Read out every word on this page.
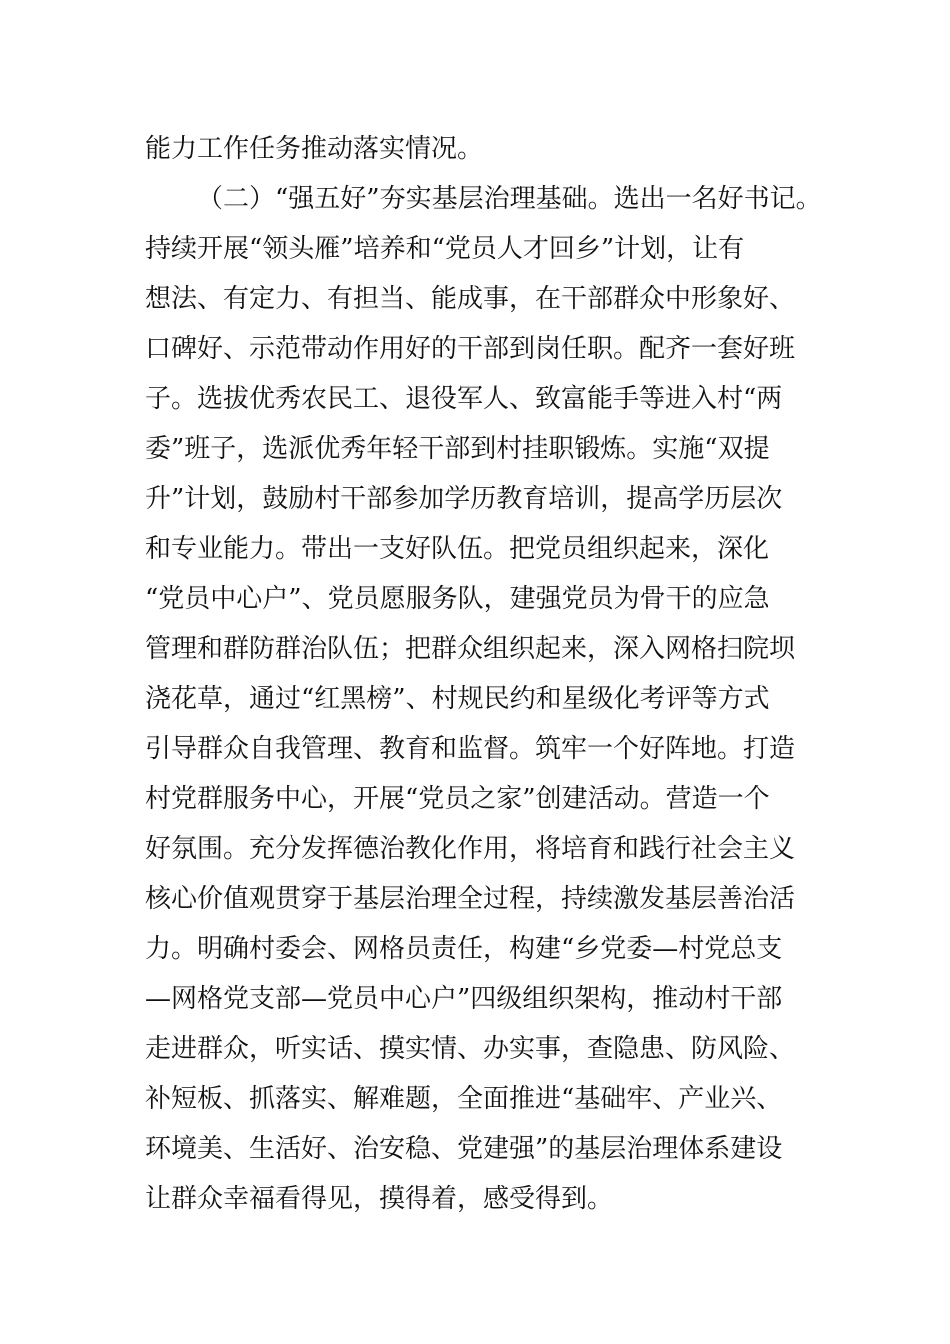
能力工作任务推动落实情况。
（二）“强五好”夯实基层治理基础。选出一名好书记。
持续开展“领头雁”培养和“党员人才回乡”计划，让有
想法、有定力、有担当、能成事，在干部群众中形象好、
口碑好、示范带动作用好的干部到岗任职。配齐一套好班
子。选拔优秀农民工、退役军人、致富能手等进入村“两
委”班子，选派优秀年轻干部到村挂职锻炼。实施“双提
升”计划，鼓励村干部参加学历教育培训，提高学历层次
和专业能力。带出一支好队伍。把党员组织起来，深化
“党员中心户”、党员愿服务队，建强党员为骨干的应急
管理和群防群治队伍；把群众组织起来，深入网格扫院坝
浇花草，通过“红黑榜”、村规民约和星级化考评等方式
引导群众自我管理、教育和监督。筑牢一个好阵地。打造
村党群服务中心，开展“党员之家”创建活动。营造一个
好氛围。充分发挥德治教化作用，将培育和践行社会主义
核心价值观贯穿于基层治理全过程，持续激发基层善治活
力。明确村委会、网格员责任，构建“乡党委—村党总支
—网格党支部—党员中心户”四级组织架构，推动村干部
走进群众，听实话、摸实情、办实事，查隐患、防风险、
补短板、抓落实、解难题，全面推进“基础牢、产业兴、
环境美、生活好、治安稳、党建强”的基层治理体系建设
让群众幸福看得见，摸得着，感受得到。
